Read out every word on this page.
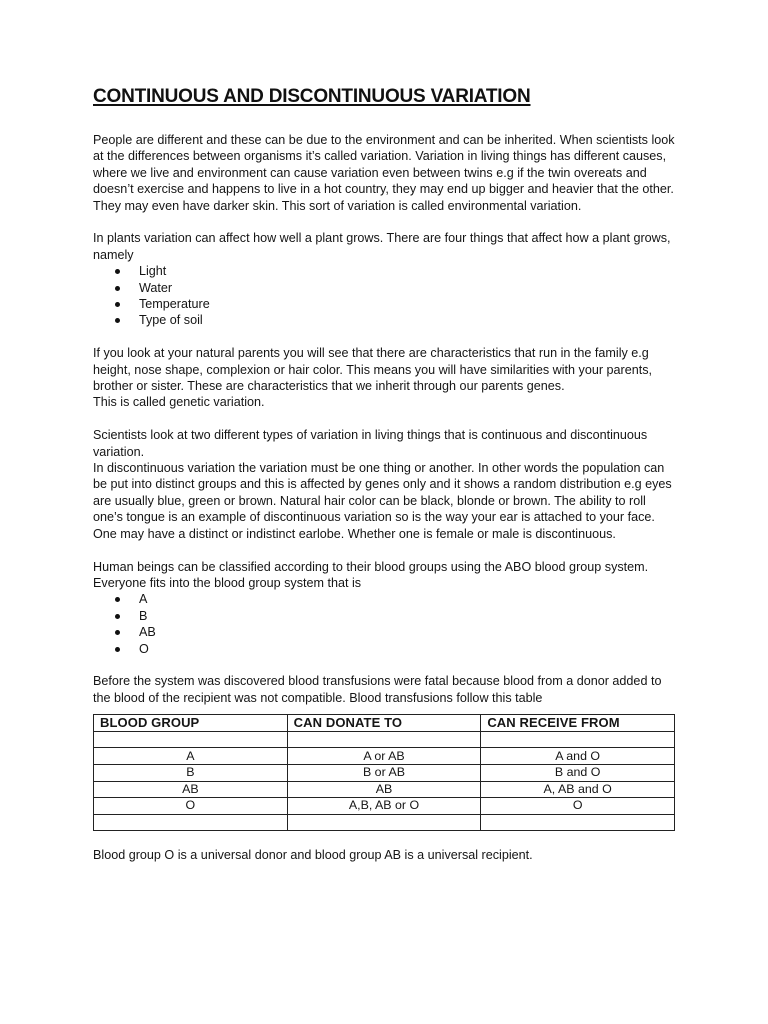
CONTINUOUS AND DISCONTINUOUS VARIATION

People are different and these can be due to the environment and can be inherited. When scientists look at the differences between organisms it’s called variation. Variation in living things has different causes, where we live and environment can cause variation even between twins e.g if the twin overeats and doesn’t exercise and happens to live in a hot country, they may end up bigger and heavier that the other. They may even have darker skin. This sort of variation is called environmental variation.

In plants variation can affect how well a plant grows. There are four things that affect how a plant grows, namely

Light
Water
Temperature
Type of soil

If you look at your natural parents you will see that there are characteristics that run in the family e.g height, nose shape, complexion or hair color. This means you will have similarities with your parents, brother or sister. These are characteristics that we inherit through our parents genes.

This is called genetic variation.

Scientists look at two different types of variation in living things that is continuous and discontinuous variation.

In discontinuous variation the variation must be one thing or another. In other words the population can be put into distinct groups and this is affected by genes only and it shows a random distribution e.g eyes are usually blue, green or brown. Natural hair color can be black, blonde or brown. The ability to roll one’s tongue is an example of discontinuous variation so is the way your ear is attached to your face. One may have a distinct or indistinct earlobe. Whether one is female or male is discontinuous.

Human beings can be classified according to their blood groups using the ABO blood group system. Everyone fits into the blood group system that is

A
B
AB
O

Before the system was discovered blood transfusions were fatal because blood from a donor added to the blood of the recipient was not compatible. Blood transfusions follow this table

BLOOD GROUP	CAN DONATE TO	CAN RECEIVE FROM

A	A or AB	A and O
B	B or AB	B and O
AB	AB	A, AB and O
O	A,B, AB or O	O

Blood group O is a universal donor and blood group AB is a universal recipient.
